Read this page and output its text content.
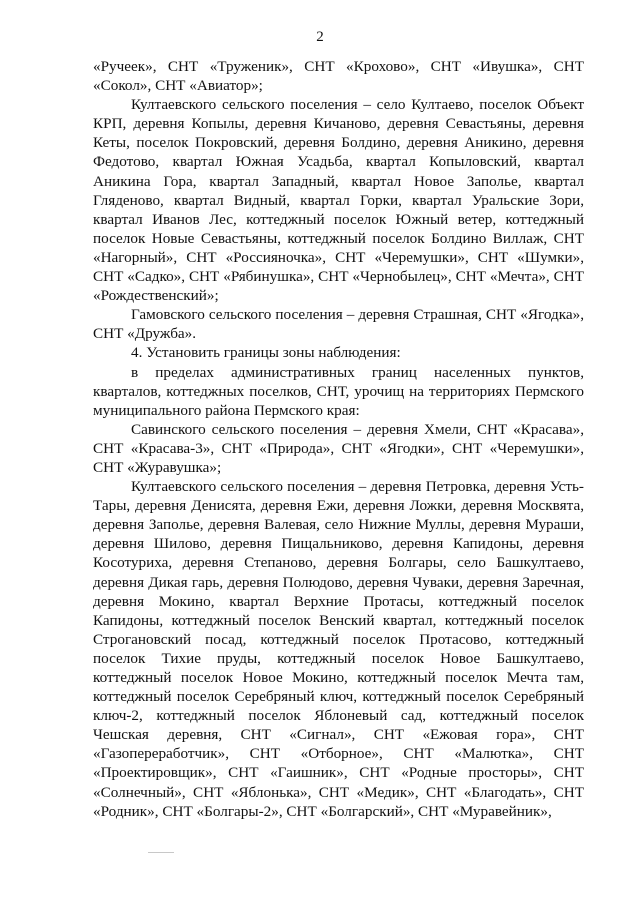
2

«Ручеек», СНТ «Труженик», СНТ «Крохово», СНТ «Ивушка», СНТ «Сокол», СНТ «Авиатор»;

Култаевского сельского поселения – село Култаево, поселок Объект КРП, деревня Копылы, деревня Кичаново, деревня Севастьяны, деревня Кеты, поселок Покровский, деревня Болдино, деревня Аникино, деревня Федотово, квартал Южная Усадьба, квартал Копыловский, квартал Аникина Гора, квартал Западный, квартал Новое Заполье, квартал Гляденово, квартал Видный, квартал Горки, квартал Уральские Зори, квартал Иванов Лес, коттеджный поселок Южный ветер, коттеджный поселок Новые Севастьяны, коттеджный поселок Болдино Виллаж, СНТ «Нагорный», СНТ «Россияночка», СНТ «Черемушки», СНТ «Шумки», СНТ «Садко», СНТ «Рябинушка», СНТ «Чернобылец», СНТ «Мечта», СНТ «Рождественский»;

Гамовского сельского поселения – деревня Страшная, СНТ «Ягодка», СНТ «Дружба».

4. Установить границы зоны наблюдения:

в пределах административных границ населенных пунктов, кварталов, коттеджных поселков, СНТ, урочищ на территориях Пермского муниципального района Пермского края:

Савинского сельского поселения – деревня Хмели, СНТ «Красава», СНТ «Красава-3», СНТ «Природа», СНТ «Ягодки», СНТ «Черемушки», СНТ «Журавушка»;

Култаевского сельского поселения – деревня Петровка, деревня Усть-Тары, деревня Денисята, деревня Ежи, деревня Ложки, деревня Москвята, деревня Заполье, деревня Валевая, село Нижние Муллы, деревня Мураши, деревня Шилово, деревня Пищальниково, деревня Капидоны, деревня Косотуриха, деревня Степаново, деревня Болгары, село Башкултаево, деревня Дикая гарь, деревня Полюдово, деревня Чуваки, деревня Заречная, деревня Мокино, квартал Верхние Протасы, коттеджный поселок Капидоны, коттеджный поселок Венский квартал, коттеджный поселок Строгановский посад, коттеджный поселок Протасово, коттеджный поселок Тихие пруды, коттеджный поселок Новое Башкултаево, коттеджный поселок Новое Мокино, коттеджный поселок Мечта там, коттеджный поселок Серебряный ключ, коттеджный поселок Серебряный ключ-2, коттеджный поселок Яблоневый сад, коттеджный поселок Чешская деревня, СНТ «Сигнал», СНТ «Ежовая гора», СНТ «Газопереработчик», СНТ «Отборное», СНТ «Малютка», СНТ «Проектировщик», СНТ «Гаишник», СНТ «Родные просторы», СНТ «Солнечный», СНТ «Яблонька», СНТ «Медик», СНТ «Благодать», СНТ «Родник», СНТ «Болгары-2», СНТ «Болгарский», СНТ «Муравейник»,
